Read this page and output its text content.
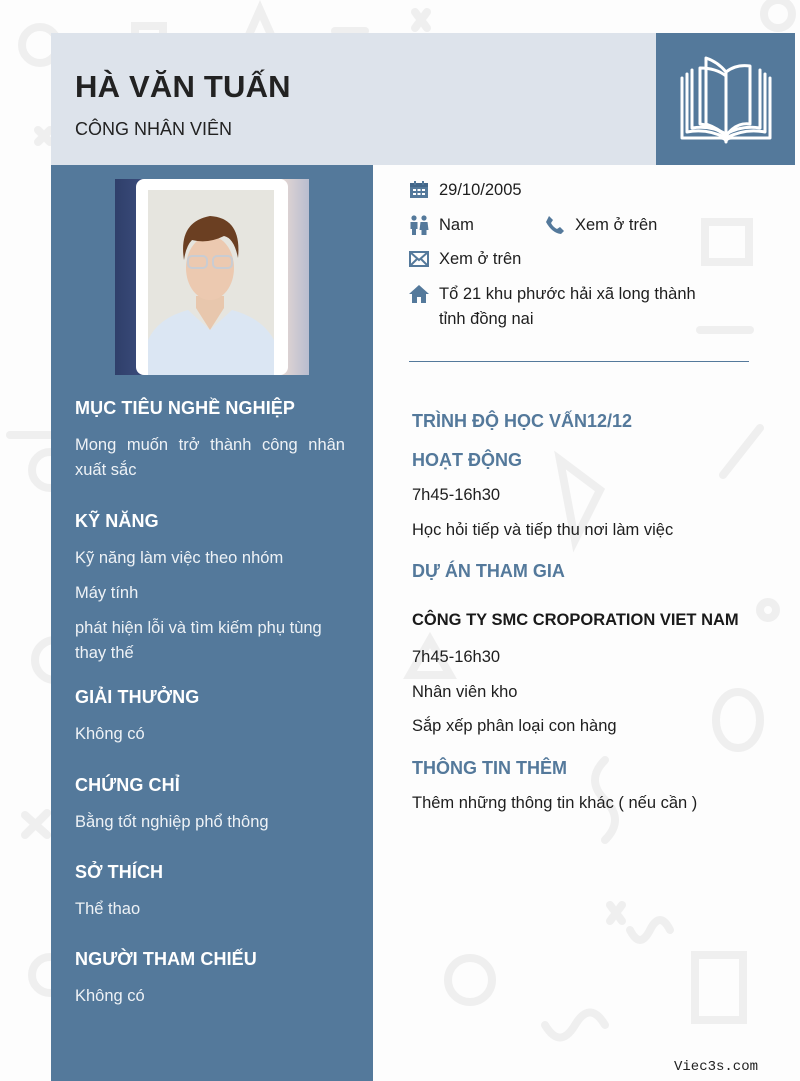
HÀ VĂN TUẤN
CÔNG NHÂN VIÊN
MỤC TIÊU NGHỀ NGHIỆP
Mong muốn trở thành công nhân xuất sắc
KỸ NĂNG
Kỹ năng làm việc theo nhóm
Máy tính
phát hiện lỗi và tìm kiếm phụ tùng thay thế
GIẢI THƯỞNG
Không có
CHỨNG CHỈ
Bằng tốt nghiệp phổ thông
SỞ THÍCH
Thể thao
NGƯỜI THAM CHIẾU
Không có
29/10/2005
Nam	Xem ở trên
Xem ở trên
Tổ 21 khu phước hải xã long thành
tỉnh đồng nai
TRÌNH ĐỘ HỌC VẤN12/12
HOẠT ĐỘNG
7h45-16h30
Học hỏi tiếp và tiếp thu nơi làm việc
DỰ ÁN THAM GIA
CÔNG TY SMC CROPORATION VIET NAM
7h45-16h30
Nhân viên kho
Sắp xếp phân loại con hàng
THÔNG TIN THÊM
Thêm những thông tin khác ( nếu cần )
Viec3s.com
